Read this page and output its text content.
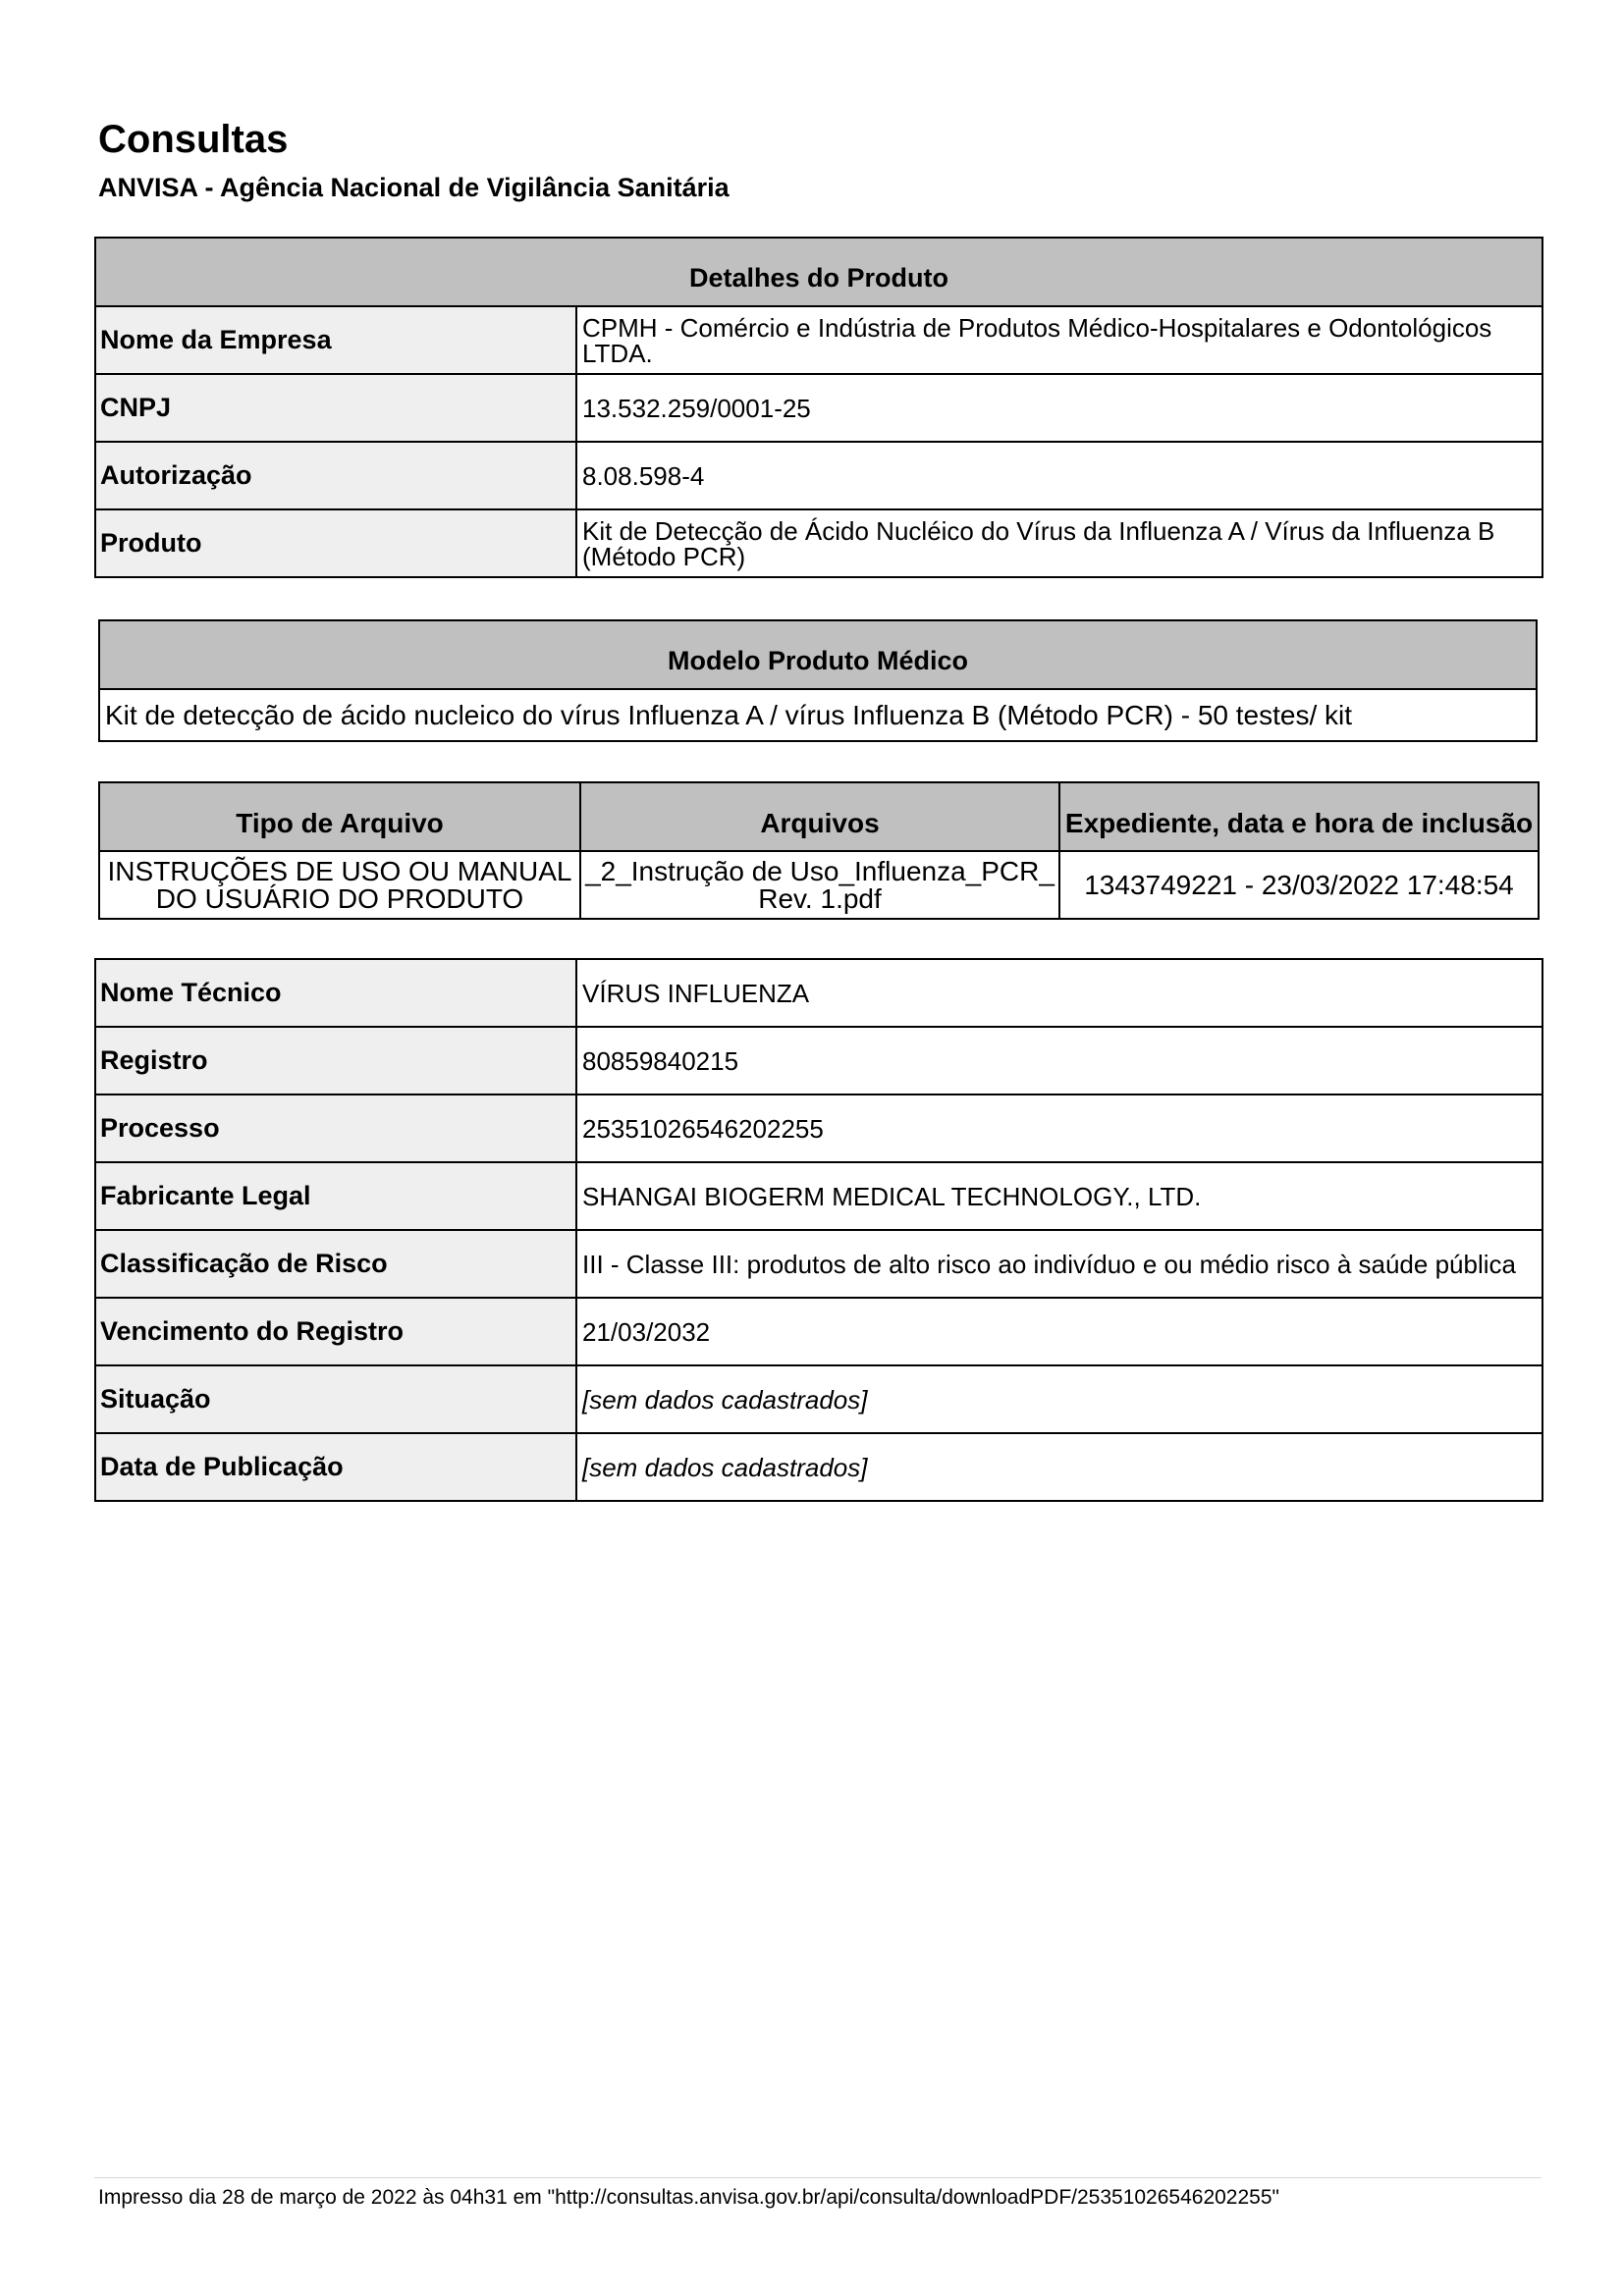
Consultas
ANVISA - Agência Nacional de Vigilância Sanitária
Detalhes do Produto	
Nome da Empresa	CPMH - Comércio e Indústria de Produtos Médico-Hospitalares e Odontológicos LTDA.
CNPJ	13.532.259/0001-25
Autorização	8.08.598-4
Produto	Kit de Detecção de Ácido Nucléico do Vírus da Influenza A / Vírus da Influenza B (Método PCR)
Modelo Produto Médico
Kit de detecção de ácido nucleico do vírus Influenza A / vírus Influenza B (Método PCR) - 50 testes/ kit
Tipo de Arquivo	Arquivos	Expediente, data e hora de inclusão
INSTRUÇÕES DE USO OU MANUAL DO USUÁRIO DO PRODUTO	_2_Instrução de Uso_Influenza_PCR_ Rev. 1.pdf	1343749221 - 23/03/2022 17:48:54
Nome Técnico	VÍRUS INFLUENZA
Registro	80859840215
Processo	25351026546202255
Fabricante Legal	SHANGAI BIOGERM MEDICAL TECHNOLOGY., LTD.
Classificação de Risco	III - Classe III: produtos de alto risco ao indivíduo e ou médio risco à saúde pública
Vencimento do Registro	21/03/2032
Situação	[sem dados cadastrados]
Data de Publicação	[sem dados cadastrados]
Impresso dia 28 de março de 2022 às 04h31 em "http://consultas.anvisa.gov.br/api/consulta/downloadPDF/25351026546202255"
